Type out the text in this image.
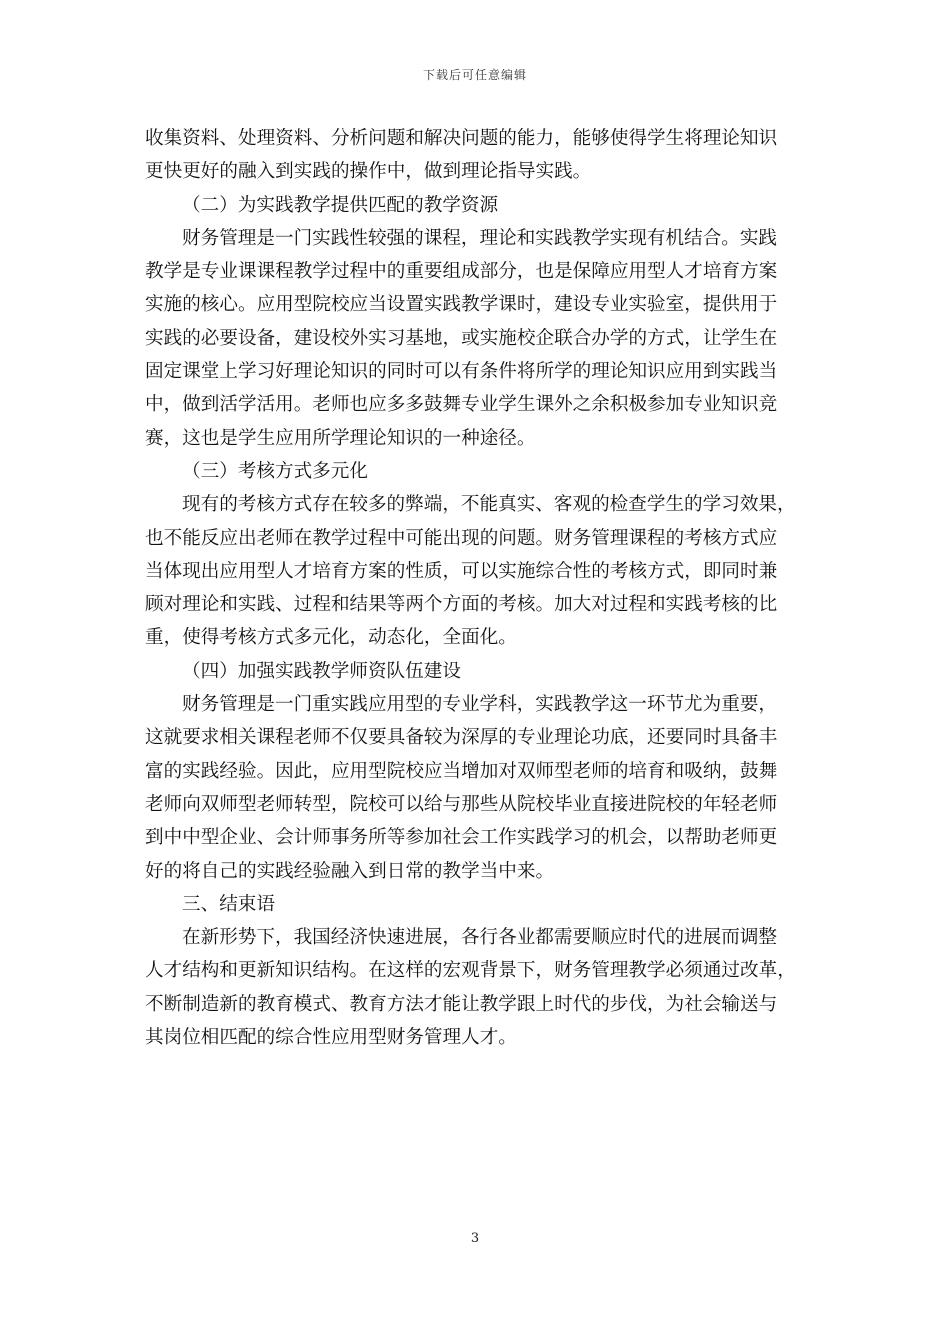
下载后可任意编辑
收集资料、处理资料、分析问题和解决问题的能力，能够使得学生将理论知识
更快更好的融入到实践的操作中，做到理论指导实践。
（二）为实践教学提供匹配的教学资源
财务管理是一门实践性较强的课程，理论和实践教学实现有机结合。实践
教学是专业课课程教学过程中的重要组成部分，也是保障应用型人才培育方案
实施的核心。应用型院校应当设置实践教学课时，建设专业实验室，提供用于
实践的必要设备，建设校外实习基地，或实施校企联合办学的方式，让学生在
固定课堂上学习好理论知识的同时可以有条件将所学的理论知识应用到实践当
中，做到活学活用。老师也应多多鼓舞专业学生课外之余积极参加专业知识竞
赛，这也是学生应用所学理论知识的一种途径。
（三）考核方式多元化
现有的考核方式存在较多的弊端，不能真实、客观的检查学生的学习效果，
也不能反应出老师在教学过程中可能出现的问题。财务管理课程的考核方式应
当体现出应用型人才培育方案的性质，可以实施综合性的考核方式，即同时兼
顾对理论和实践、过程和结果等两个方面的考核。加大对过程和实践考核的比
重，使得考核方式多元化，动态化，全面化。
（四）加强实践教学师资队伍建设
财务管理是一门重实践应用型的专业学科，实践教学这一环节尤为重要，
这就要求相关课程老师不仅要具备较为深厚的专业理论功底，还要同时具备丰
富的实践经验。因此，应用型院校应当增加对双师型老师的培育和吸纳，鼓舞
老师向双师型老师转型，院校可以给与那些从院校毕业直接进院校的年轻老师
到中中型企业、会计师事务所等参加社会工作实践学习的机会，以帮助老师更
好的将自己的实践经验融入到日常的教学当中来。
三、结束语
在新形势下，我国经济快速进展，各行各业都需要顺应时代的进展而调整
人才结构和更新知识结构。在这样的宏观背景下，财务管理教学必须通过改革，
不断制造新的教育模式、教育方法才能让教学跟上时代的步伐，为社会输送与
其岗位相匹配的综合性应用型财务管理人才。
3
